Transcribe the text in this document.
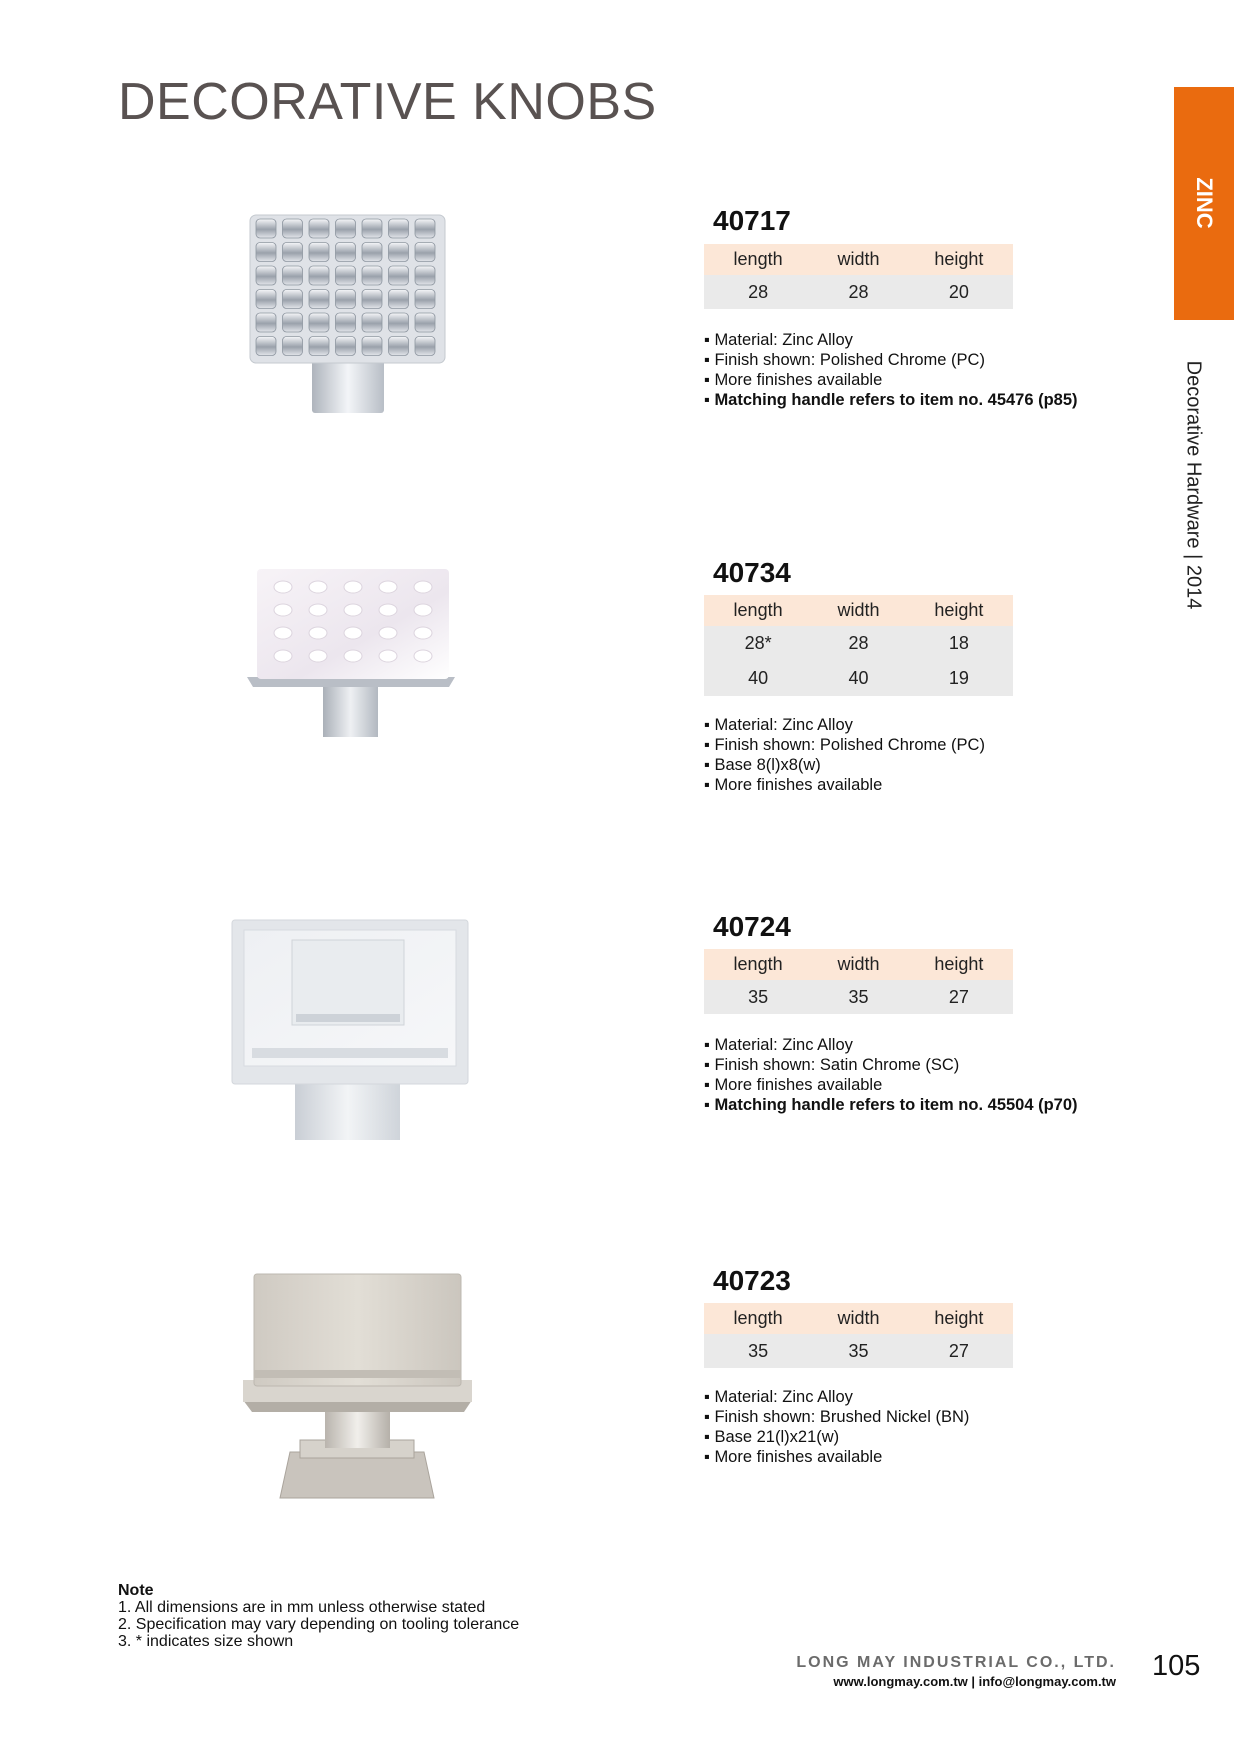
DECORATIVE KNOBS
ZINC
Decorative Hardware | 2014
40717
length	width	height
28	28	20
▪ Material: Zinc Alloy
▪ Finish shown: Polished Chrome (PC)
▪ More finishes available
▪ Matching handle refers to item no. 45476 (p85)
40734
length	width	height
28*	28	18
40	40	19
▪ Material: Zinc Alloy
▪ Finish shown: Polished Chrome (PC)
▪ Base 8(l)x8(w)
▪ More finishes available
40724
length	width	height
35	35	27
▪ Material: Zinc Alloy
▪ Finish shown: Satin Chrome (SC)
▪ More finishes available
▪ Matching handle refers to item no. 45504 (p70)
40723
length	width	height
35	35	27
▪ Material: Zinc Alloy
▪ Finish shown: Brushed Nickel (BN)
▪ Base 21(l)x21(w)
▪ More finishes available
Note
1. All dimensions are in mm unless otherwise stated
2. Specification may vary depending on tooling tolerance
3. * indicates size shown
LONG MAY INDUSTRIAL CO., LTD.
www.longmay.com.tw | info@longmay.com.tw 105
